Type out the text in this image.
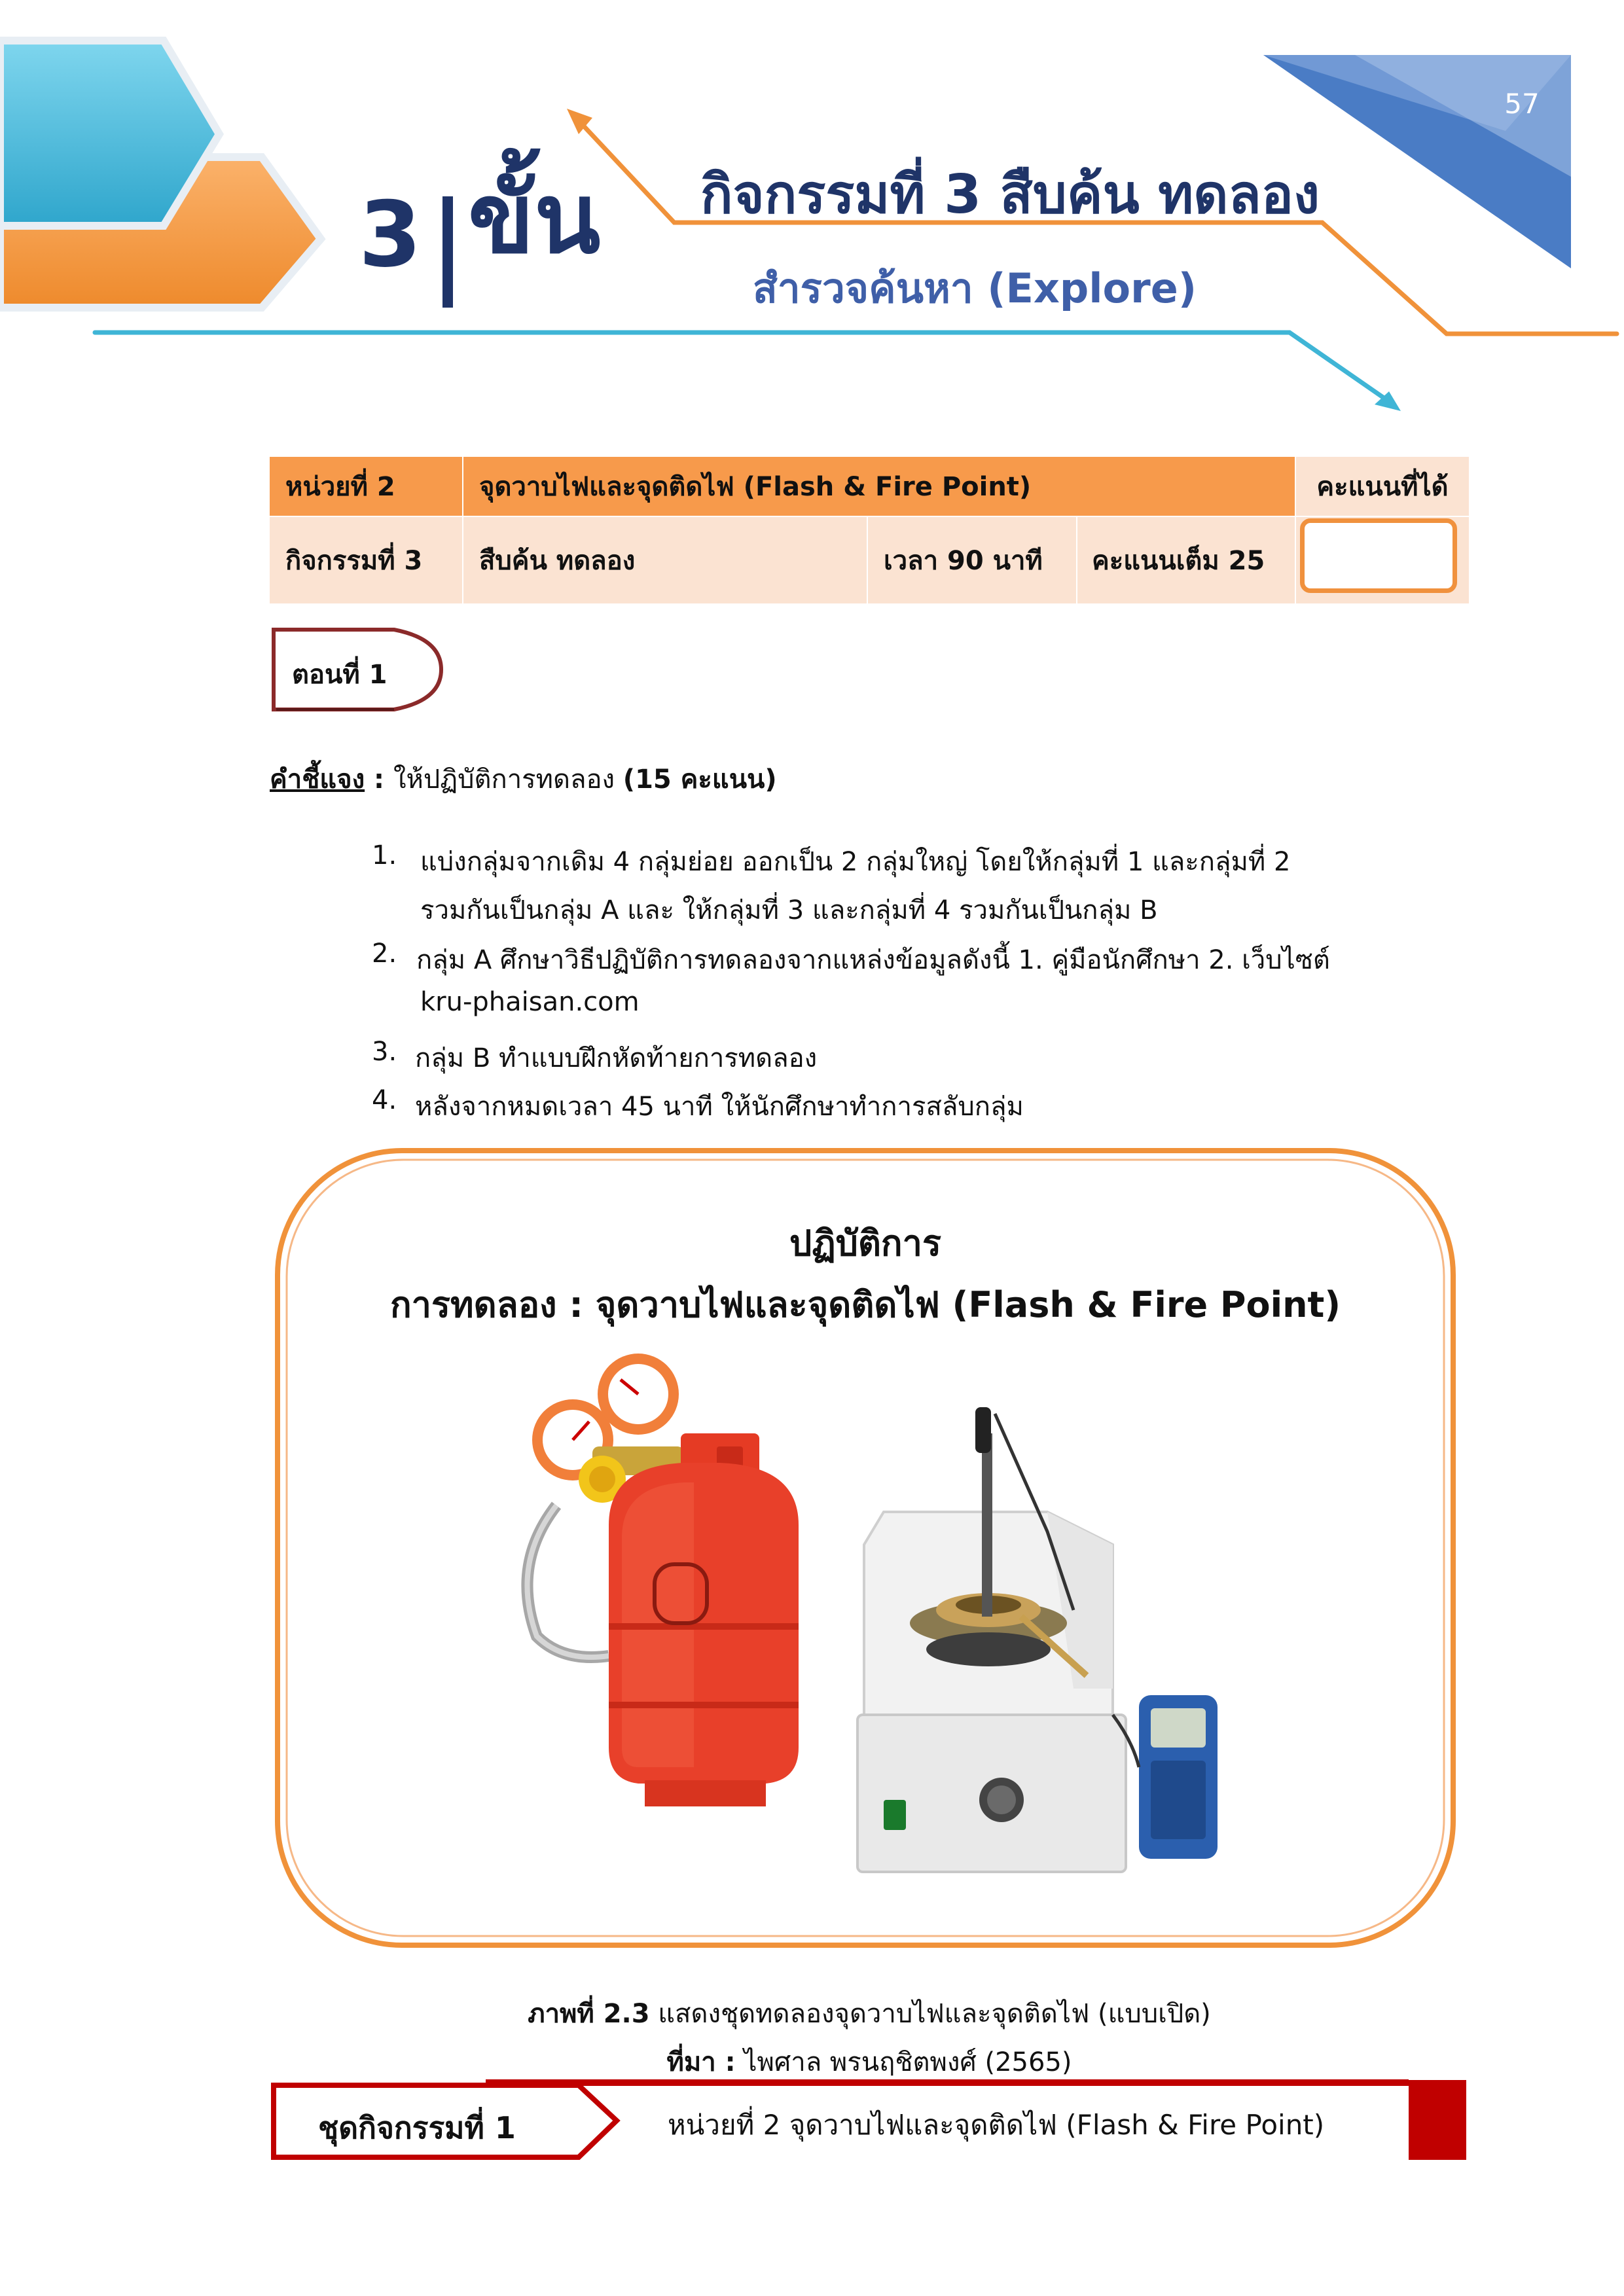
57
3 ขั้น กิจกรรมที่ 3 สืบค้น ทดลอง
สำรวจค้นหา (Explore)
หน่วยที่ 2	จุดวาบไฟและจุดติดไฟ (Flash & Fire Point)	คะแนนที่ได้
กิจกรรมที่ 3	สืบค้น ทดลอง	เวลา 90 นาที	คะแนนเต็ม 25
ตอนที่ 1
คำชี้แจง : ให้ปฏิบัติการทดลอง (15 คะแนน)
1. แบ่งกลุ่มจากเดิม 4 กลุ่มย่อย ออกเป็น 2 กลุ่มใหญ่ โดยให้กลุ่มที่ 1 และกลุ่มที่ 2
รวมกันเป็นกลุ่ม A และ ให้กลุ่มที่ 3 และกลุ่มที่ 4 รวมกันเป็นกลุ่ม B
2. กลุ่ม A ศึกษาวิธีปฏิบัติการทดลองจากแหล่งข้อมูลดังนี้ 1. คู่มือนักศึกษา 2. เว็บไซต์
kru-phaisan.com
3. กลุ่ม B ทำแบบฝึกหัดท้ายการทดลอง
4. หลังจากหมดเวลา 45 นาที ให้นักศึกษาทำการสลับกลุ่ม
ปฏิบัติการ
การทดลอง : จุดวาบไฟและจุดติดไฟ (Flash & Fire Point)
ภาพที่ 2.3 แสดงชุดทดลองจุดวาบไฟและจุดติดไฟ (แบบเปิด)
ที่มา : ไพศาล พรนฤชิตพงศ์ (2565)
ชุดกิจกรรมที่ 1	หน่วยที่ 2 จุดวาบไฟและจุดติดไฟ (Flash & Fire Point)
